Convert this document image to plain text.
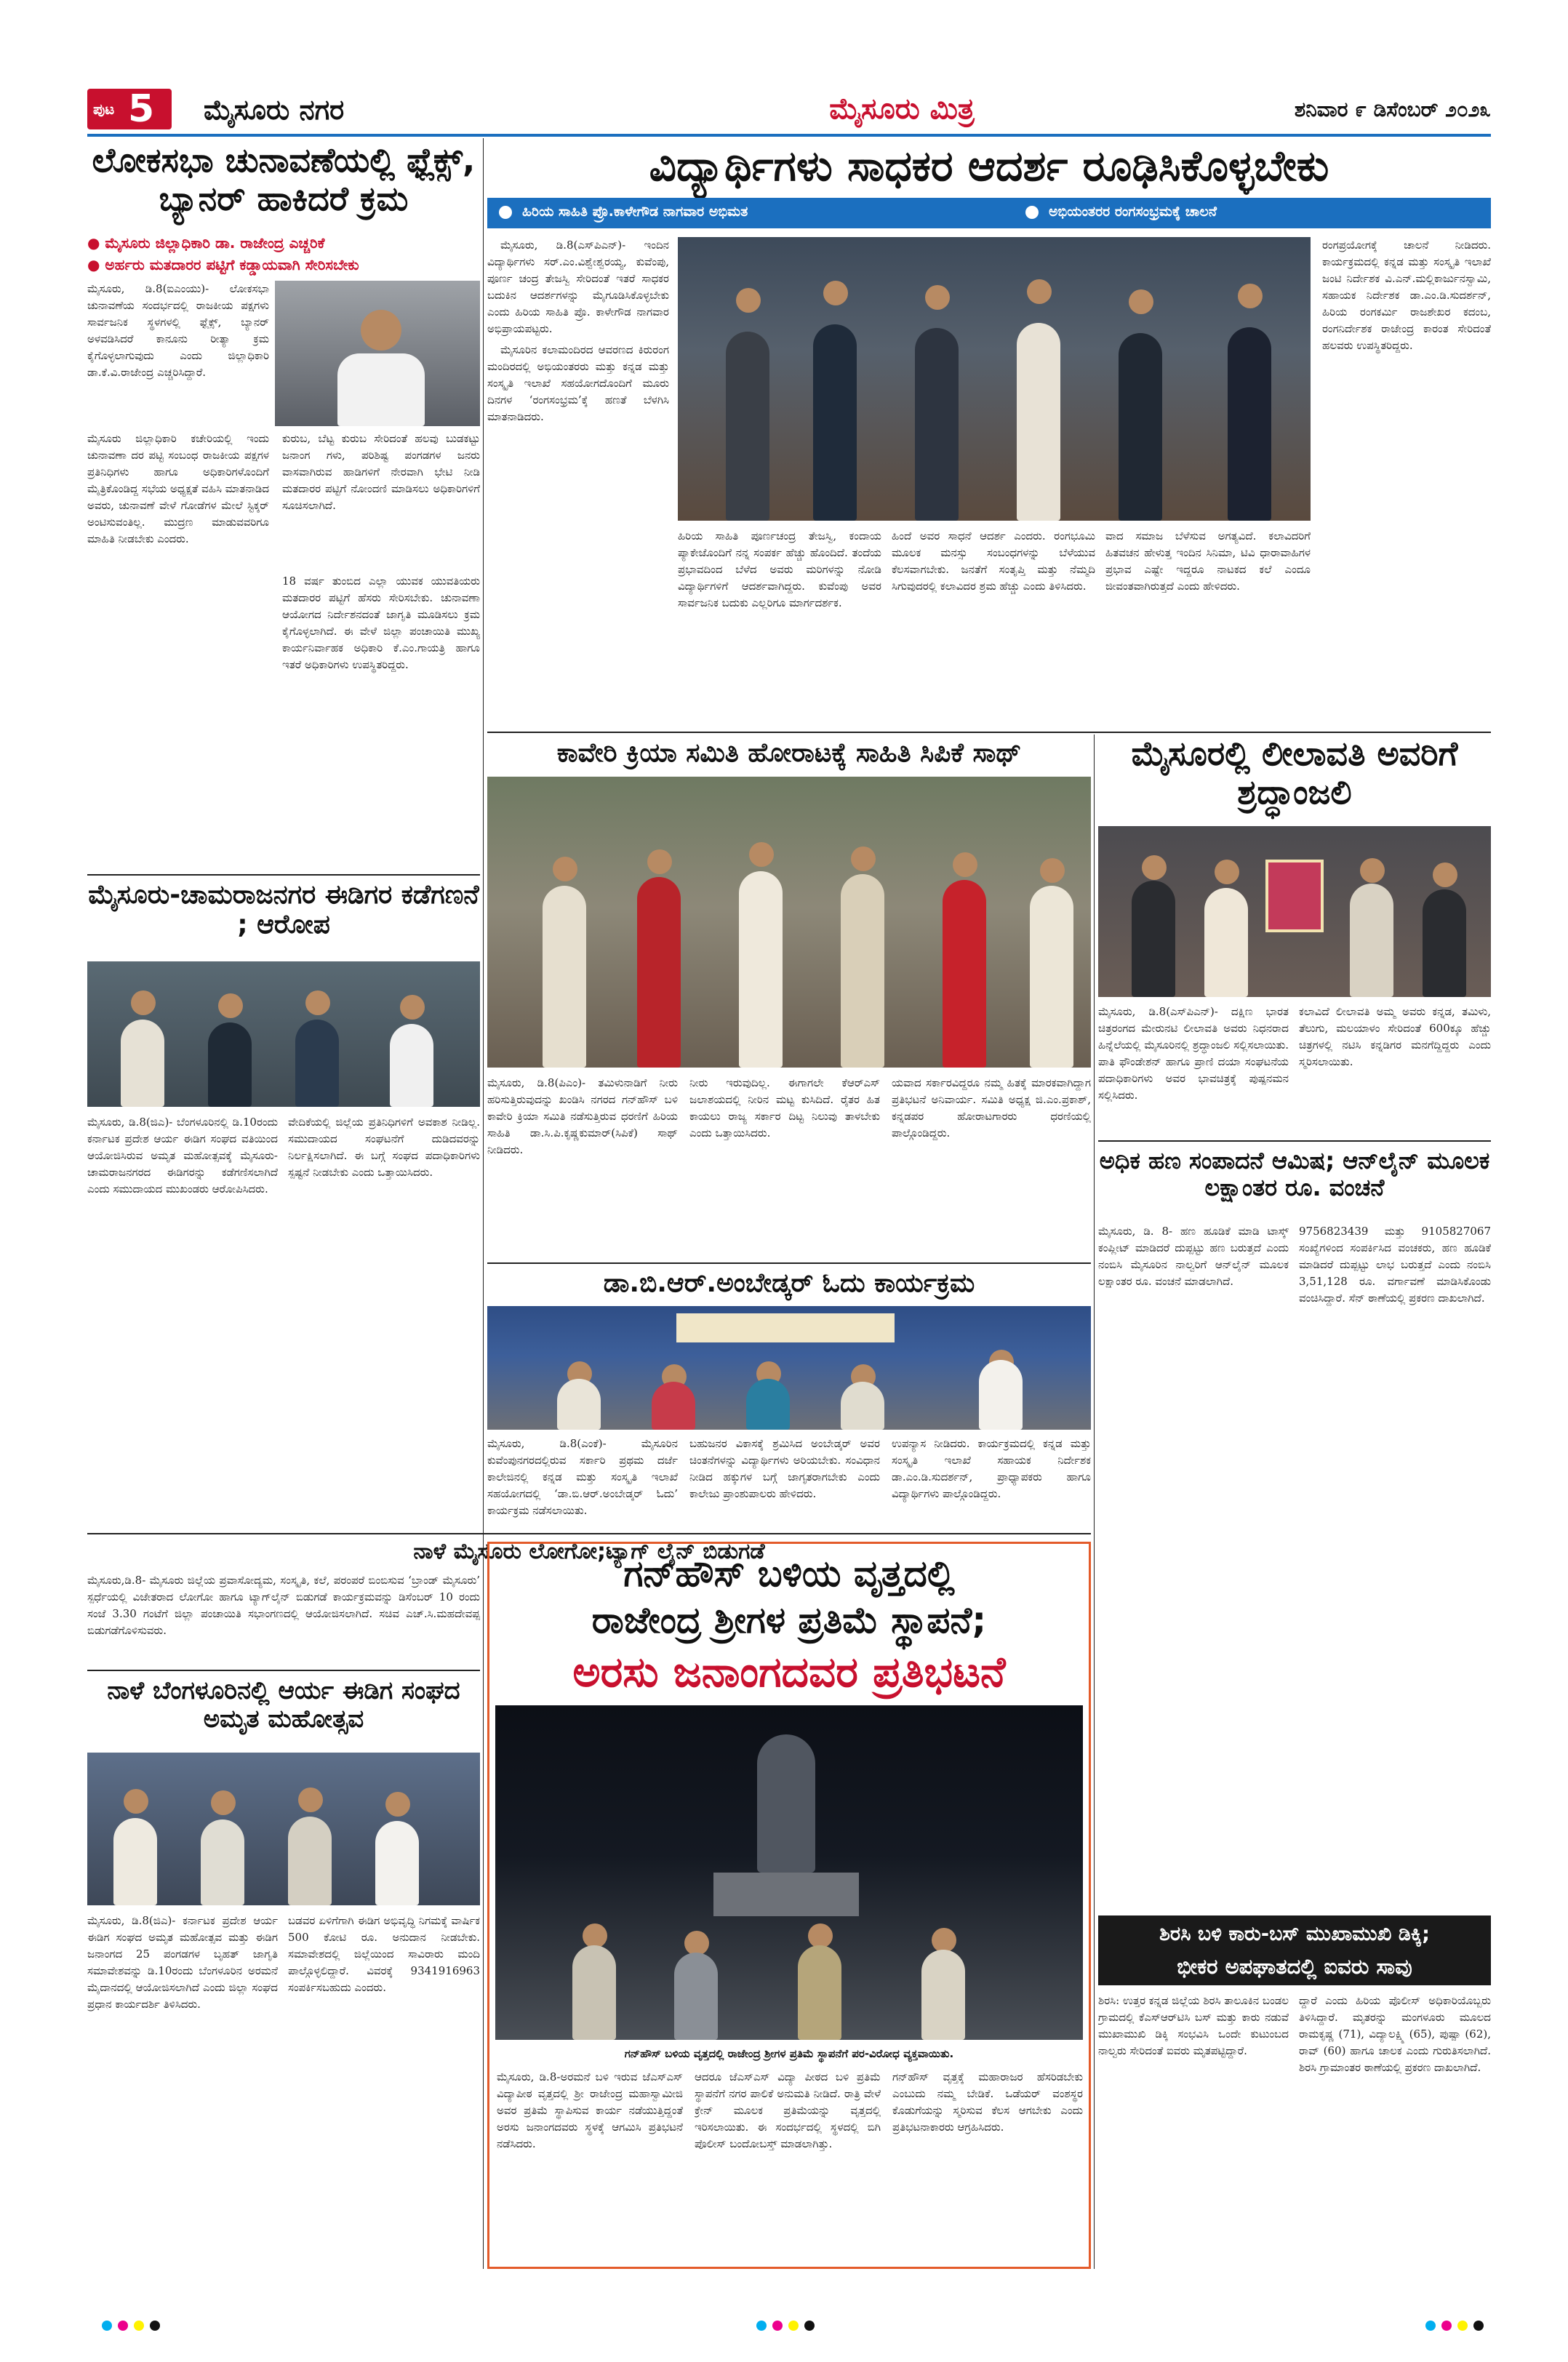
ಪುಟ 5 ಮೈಸೂರು ನಗರ	ಮೈಸೂರು ಮಿತ್ರ	ಶನಿವಾರ ೯ ಡಿಸೆಂಬರ್ ೨೦೨೩
ಲೋಕಸಭಾ ಚುನಾವಣೆಯಲ್ಲಿ ಫ್ಲೆಕ್ಸ್, ಬ್ಯಾನರ್ ಹಾಕಿದರೆ ಕ್ರಮ
● ಮೈಸೂರು ಜಿಲ್ಲಾಧಿಕಾರಿ ಡಾ. ರಾಜೇಂದ್ರ ಎಚ್ಚರಿಕೆ
● ಅರ್ಹರು ಮತದಾರರ ಪಟ್ಟಿಗೆ ಕಡ್ಡಾಯವಾಗಿ ಸೇರಿಸಬೇಕು
ಮೈಸೂರು, ಡಿ.8(ಐಎಂಯು)- ಲೋಕಸಭಾ ಚುನಾವಣೆಯ ಸಂದರ್ಭದಲ್ಲಿ ರಾಜಕೀಯ ಪಕ್ಷಗಳು ಸಾರ್ವಜನಿಕ ಸ್ಥಳಗಳಲ್ಲಿ ಫ್ಲೆಕ್ಸ್, ಬ್ಯಾನರ್ ಅಳವಡಿಸಿದರೆ ಕಾನೂನು ರೀತ್ಯಾ ಕ್ರಮ ಕೈಗೊಳ್ಳಲಾಗುವುದು ಎಂದು ಜಿಲ್ಲಾಧಿಕಾರಿ ಡಾ.ಕೆ.ವಿ.ರಾಜೇಂದ್ರ ಎಚ್ಚರಿಸಿದ್ದಾರೆ.
ಮೈಸೂರು ಜಿಲ್ಲಾಧಿಕಾರಿ ಕಚೇರಿಯಲ್ಲಿ ಇಂದು ಚುನಾವಣಾ ದರ ಪಟ್ಟಿ ಸಂಬಂಧ ರಾಜಕೀಯ ಪಕ್ಷಗಳ ಪ್ರತಿನಿಧಿಗಳು ಹಾಗೂ ಅಧಿಕಾರಿಗಳೊಂದಿಗೆ ಮೈತ್ರಿಕೊಂಡಿದ್ದ ಸಭೆಯ ಅಧ್ಯಕ್ಷತೆ ವಹಿಸಿ ಮಾತನಾಡಿದ ಅವರು, ಚುನಾವಣೆ ವೇಳೆ ಗೋಡೆಗಳ ಮೇಲೆ ಸ್ಟಿಕ್ಕರ್ ಅಂಟಿಸುವಂತಿಲ್ಲ. ಮುದ್ರಣ ಮಾಡುವವರಿಗೂ ಮಾಹಿತಿ ನೀಡಬೇಕು ಎಂದರು.
ಕುರುಬ, ಬೆಟ್ಟ ಕುರುಬ ಸೇರಿದಂತೆ ಹಲವು ಬುಡಕಟ್ಟು ಜನಾಂಗ ಗಳು, ಪರಿಶಿಷ್ಟ ಪಂಗಡಗಳ ಜನರು ವಾಸವಾಗಿರುವ ಹಾಡಿಗಳಿಗೆ ನೇರವಾಗಿ ಭೇಟಿ ನೀಡಿ ಮತದಾರರ ಪಟ್ಟಿಗೆ ನೋಂದಣಿ ಮಾಡಿಸಲು ಅಧಿಕಾರಿಗಳಿಗೆ ಸೂಚಿಸಲಾಗಿದೆ.
18 ವರ್ಷ ತುಂಬಿದ ಎಲ್ಲಾ ಯುವಕ ಯುವತಿಯರು ಮತದಾರರ ಪಟ್ಟಿಗೆ ಹೆಸರು ಸೇರಿಸಬೇಕು. ಚುನಾವಣಾ ಆಯೋಗದ ನಿರ್ದೇಶನದಂತೆ ಜಾಗೃತಿ ಮೂಡಿಸಲು ಕ್ರಮ ಕೈಗೊಳ್ಳಲಾಗಿದೆ. ಈ ವೇಳೆ ಜಿಲ್ಲಾ ಪಂಚಾಯಿತಿ ಮುಖ್ಯ ಕಾರ್ಯನಿರ್ವಾಹಕ ಅಧಿಕಾರಿ ಕೆ.ಎಂ.ಗಾಯತ್ರಿ ಹಾಗೂ ಇತರೆ ಅಧಿಕಾರಿಗಳು ಉಪಸ್ಥಿತರಿದ್ದರು.
ವಿದ್ಯಾರ್ಥಿಗಳು ಸಾಧಕರ ಆದರ್ಶ ರೂಢಿಸಿಕೊಳ್ಳಬೇಕು
ಹಿರಿಯ ಸಾಹಿತಿ ಪ್ರೊ.ಕಾಳೇಗೌಡ ನಾಗವಾರ ಅಭಿಮತ	ಅಭಿಯಂತರರ ರಂಗಸಂಭ್ರಮಕ್ಕೆ ಚಾಲನೆ

ಮೈಸೂರು, ಡಿ.8(ಎಸ್‌ಪಿಎನ್)- ಇಂದಿನ ವಿದ್ಯಾರ್ಥಿಗಳು ಸರ್.ಎಂ.ವಿಶ್ವೇಶ್ವರಯ್ಯ, ಕುವೆಂಪು, ಪೂರ್ಣ ಚಂದ್ರ ತೇಜಸ್ವಿ ಸೇರಿದಂತೆ ಇತರೆ ಸಾಧಕರ ಬದುಕಿನ ಆದರ್ಶಗಳನ್ನು ಮೈಗೂಡಿಸಿಕೊಳ್ಳಬೇಕು ಎಂದು ಹಿರಿಯ ಸಾಹಿತಿ ಪ್ರೊ. ಕಾಳೇಗೌಡ ನಾಗವಾರ ಅಭಿಪ್ರಾಯಪಟ್ಟರು.

ಮೈಸೂರಿನ ಕಲಾಮಂದಿರದ ಆವರಣದ ಕಿರುರಂಗ ಮಂದಿರದಲ್ಲಿ ಅಭಿಯಂತರರು ಮತ್ತು ಕನ್ನಡ ಮತ್ತು ಸಂಸ್ಕೃತಿ ಇಲಾಖೆ ಸಹಯೋಗದೊಂದಿಗೆ ಮೂರು ದಿನಗಳ ‘ರಂಗಸಂಭ್ರಮ’ಕ್ಕೆ ಹಣತೆ ಬೆಳಗಿಸಿ ಮಾತನಾಡಿದರು.

ಹಿರಿಯ ಸಾಹಿತಿ ಪೂರ್ಣಚಂದ್ರ ತೇಜಸ್ವಿ, ಕಂದಾಯ ಪ್ಯಾಕೇಜೊಂದಿಗೆ ನನ್ನ ಸಂಪರ್ಕ ಹೆಚ್ಚು ಹೊಂದಿದೆ. ತಂದೆಯ ಪ್ರಭಾವದಿಂದ ಬೆಳೆದ ಅವರು ಮರಿಗಳನ್ನು ನೋಡಿ ವಿದ್ಯಾರ್ಥಿಗಳಿಗೆ ಆದರ್ಶವಾಗಿದ್ದರು. ಕುವೆಂಪು ಅವರ ಸಾರ್ವಜನಿಕ ಬದುಕು ಎಲ್ಲರಿಗೂ ಮಾರ್ಗದರ್ಶಕ.
ಹಿಂದೆ ಅವರ ಸಾಧನೆ ಆದರ್ಶ ಎಂದರು. ರಂಗಭೂಮಿ ಮೂಲಕ ಮನಸ್ಸು ಸಂಬಂಧಗಳನ್ನು ಬೆಳೆಯುವ ಕೆಲಸವಾಗಬೇಕು. ಜನತೆಗೆ ಸಂತೃಪ್ತಿ ಮತ್ತು ನೆಮ್ಮದಿ ಸಿಗುವುದರಲ್ಲಿ ಕಲಾವಿದರ ಶ್ರಮ ಹೆಚ್ಚು ಎಂದು ತಿಳಿಸಿದರು.
ವಾದ ಸಮಾಜ ಬೆಳೆಸುವ ಅಗತ್ಯವಿದೆ. ಕಲಾವಿದರಿಗೆ ಹಿತವಚನ ಹೇಳುತ್ತ ಇಂದಿನ ಸಿನಿಮಾ, ಟಿವಿ ಧಾರಾವಾಹಿಗಳ ಪ್ರಭಾವ ಎಷ್ಟೇ ಇದ್ದರೂ ನಾಟಕದ ಕಲೆ ಎಂದೂ ಜೀವಂತವಾಗಿರುತ್ತದೆ ಎಂದು ಹೇಳಿದರು.
ರಂಗಪ್ರಯೋಗಕ್ಕೆ ಚಾಲನೆ ನೀಡಿದರು. ಕಾರ್ಯಕ್ರಮದಲ್ಲಿ ಕನ್ನಡ ಮತ್ತು ಸಂಸ್ಕೃತಿ ಇಲಾಖೆ ಜಂಟಿ ನಿರ್ದೇಶಕ ವಿ.ಎನ್.ಮಲ್ಲಿಕಾರ್ಜುನಸ್ವಾಮಿ, ಸಹಾಯಕ ನಿರ್ದೇಶಕ ಡಾ.ಎಂ.ಡಿ.ಸುದರ್ಶನ್, ಹಿರಿಯ ರಂಗಕರ್ಮಿ ರಾಜಶೇಖರ ಕದಂಬ, ರಂಗನಿರ್ದೇಶಕ ರಾಜೇಂದ್ರ ಕಾರಂತ ಸೇರಿದಂತೆ ಹಲವರು ಉಪಸ್ಥಿತರಿದ್ದರು.
ಕಾವೇರಿ ಕ್ರಿಯಾ ಸಮಿತಿ ಹೋರಾಟಕ್ಕೆ ಸಾಹಿತಿ ಸಿಪಿಕೆ ಸಾಥ್
ಮೈಸೂರು, ಡಿ.8(ಪಿಎಂ)- ತಮಿಳುನಾಡಿಗೆ ನೀರು ಹರಿಸುತ್ತಿರುವುದನ್ನು ಖಂಡಿಸಿ ನಗರದ ಗನ್‌ಹೌಸ್ ಬಳಿ ಕಾವೇರಿ ಕ್ರಿಯಾ ಸಮಿತಿ ನಡೆಸುತ್ತಿರುವ ಧರಣಿಗೆ ಹಿರಿಯ ಸಾಹಿತಿ ಡಾ.ಸಿ.ಪಿ.ಕೃಷ್ಣಕುಮಾರ್(ಸಿಪಿಕೆ) ಸಾಥ್ ನೀಡಿದರು.
ನೀರು ಇರುವುದಿಲ್ಲ. ಈಗಾಗಲೇ ಕೆಆರ್‌ಎಸ್ ಜಲಾಶಯದಲ್ಲಿ ನೀರಿನ ಮಟ್ಟ ಕುಸಿದಿದೆ. ರೈತರ ಹಿತ ಕಾಯಲು ರಾಜ್ಯ ಸರ್ಕಾರ ದಿಟ್ಟ ನಿಲುವು ತಾಳಬೇಕು ಎಂದು ಒತ್ತಾಯಿಸಿದರು.
ಯವಾದ ಸರ್ಕಾರವಿದ್ದರೂ ನಮ್ಮ ಹಿತಕ್ಕೆ ಮಾರಕವಾಗಿದ್ದಾಗ ಪ್ರತಿಭಟನೆ ಅನಿವಾರ್ಯ. ಸಮಿತಿ ಅಧ್ಯಕ್ಷ ಜಿ.ಎಂ.ಪ್ರಕಾಶ್, ಕನ್ನಡಪರ ಹೋರಾಟಗಾರರು ಧರಣಿಯಲ್ಲಿ ಪಾಲ್ಗೊಂಡಿದ್ದರು.
ಮೈಸೂರಲ್ಲಿ ಲೀಲಾವತಿ ಅವರಿಗೆ ಶ್ರದ್ಧಾಂಜಲಿ
ಮೈಸೂರು, ಡಿ.8(ಎಸ್‌ಪಿಎನ್)- ದಕ್ಷಿಣ ಭಾರತ ಚಿತ್ರರಂಗದ ಮೇರುನಟಿ ಲೀಲಾವತಿ ಅವರು ನಿಧನರಾದ ಹಿನ್ನೆಲೆಯಲ್ಲಿ ಮೈಸೂರಿನಲ್ಲಿ ಶ್ರದ್ಧಾಂಜಲಿ ಸಲ್ಲಿಸಲಾಯಿತು. ಪಾತಿ ಫೌಂಡೇಶನ್ ಹಾಗೂ ಪ್ರಾಣಿ ದಯಾ ಸಂಘಟನೆಯ ಪದಾಧಿಕಾರಿಗಳು ಅವರ ಭಾವಚಿತ್ರಕ್ಕೆ ಪುಷ್ಪನಮನ ಸಲ್ಲಿಸಿದರು.
ಕಲಾವಿದೆ ಲೀಲಾವತಿ ಅಮ್ಮ ಅವರು ಕನ್ನಡ, ತಮಿಳು, ತೆಲುಗು, ಮಲಯಾಳಂ ಸೇರಿದಂತೆ 600ಕ್ಕೂ ಹೆಚ್ಚು ಚಿತ್ರಗಳಲ್ಲಿ ನಟಿಸಿ ಕನ್ನಡಿಗರ ಮನಗೆದ್ದಿದ್ದರು ಎಂದು ಸ್ಮರಿಸಲಾಯಿತು.
ಡಾ.ಬಿ.ಆರ್.ಅಂಬೇಡ್ಕರ್ ಓದು ಕಾರ್ಯಕ್ರಮ
ಮೈಸೂರು, ಡಿ.8(ಎಂಕೆ)- ಮೈಸೂರಿನ ಕುವೆಂಪುನಗರದಲ್ಲಿರುವ ಸರ್ಕಾರಿ ಪ್ರಥಮ ದರ್ಜೆ ಕಾಲೇಜಿನಲ್ಲಿ ಕನ್ನಡ ಮತ್ತು ಸಂಸ್ಕೃತಿ ಇಲಾಖೆ ಸಹಯೋಗದಲ್ಲಿ ‘ಡಾ.ಬಿ.ಆರ್.ಅಂಬೇಡ್ಕರ್ ಓದು’ ಕಾರ್ಯಕ್ರಮ ನಡೆಸಲಾಯಿತು.
ಬಹುಜನರ ವಿಕಾಸಕ್ಕೆ ಶ್ರಮಿಸಿದ ಅಂಬೇಡ್ಕರ್ ಅವರ ಚಿಂತನೆಗಳನ್ನು ವಿದ್ಯಾರ್ಥಿಗಳು ಅರಿಯಬೇಕು. ಸಂವಿಧಾನ ನೀಡಿದ ಹಕ್ಕುಗಳ ಬಗ್ಗೆ ಜಾಗೃತರಾಗಬೇಕು ಎಂದು ಕಾಲೇಜು ಪ್ರಾಂಶುಪಾಲರು ಹೇಳಿದರು.
ಉಪನ್ಯಾಸ ನೀಡಿದರು. ಕಾರ್ಯಕ್ರಮದಲ್ಲಿ ಕನ್ನಡ ಮತ್ತು ಸಂಸ್ಕೃತಿ ಇಲಾಖೆ ಸಹಾಯಕ ನಿರ್ದೇಶಕ ಡಾ.ಎಂ.ಡಿ.ಸುದರ್ಶನ್, ಪ್ರಾಧ್ಯಾಪಕರು ಹಾಗೂ ವಿದ್ಯಾರ್ಥಿಗಳು ಪಾಲ್ಗೊಂಡಿದ್ದರು.
ಮೈಸೂರು-ಚಾಮರಾಜನಗರ ಈಡಿಗರ ಕಡೆಗಣನೆ ; ಆರೋಪ
ಮೈಸೂರು, ಡಿ.8(ಜಿಎ)- ಬೆಂಗಳೂರಿನಲ್ಲಿ ಡಿ.10ರಂದು ಕರ್ನಾಟಕ ಪ್ರದೇಶ ಆರ್ಯ ಈಡಿಗ ಸಂಘದ ವತಿಯಿಂದ ಆಯೋಜಿಸಿರುವ ಅಮೃತ ಮಹೋತ್ಸವಕ್ಕೆ ಮೈಸೂರು-ಚಾಮರಾಜನಗರದ ಈಡಿಗರನ್ನು ಕಡೆಗಣಿಸಲಾಗಿದೆ ಎಂದು ಸಮುದಾಯದ ಮುಖಂಡರು ಆರೋಪಿಸಿದರು.
ವೇದಿಕೆಯಲ್ಲಿ ಜಿಲ್ಲೆಯ ಪ್ರತಿನಿಧಿಗಳಿಗೆ ಅವಕಾಶ ನೀಡಿಲ್ಲ. ಸಮುದಾಯದ ಸಂಘಟನೆಗೆ ದುಡಿದವರನ್ನು ನಿರ್ಲಕ್ಷಿಸಲಾಗಿದೆ. ಈ ಬಗ್ಗೆ ಸಂಘದ ಪದಾಧಿಕಾರಿಗಳು ಸ್ಪಷ್ಟನೆ ನೀಡಬೇಕು ಎಂದು ಒತ್ತಾಯಿಸಿದರು.
ನಾಳೆ ಮೈಸೂರು ಲೋಗೋ;ಟ್ಯಾಗ್ ಲೈನ್ ಬಿಡುಗಡೆ
ಮೈಸೂರು,ಡಿ.8- ಮೈಸೂರು ಜಿಲ್ಲೆಯ ಪ್ರವಾಸೋದ್ಯಮ, ಸಂಸ್ಕೃತಿ, ಕಲೆ, ಪರಂಪರೆ ಬಿಂಬಿಸುವ ‘ಬ್ರಾಂಡ್ ಮೈಸೂರು’ ಸ್ಪರ್ಧೆಯಲ್ಲಿ ವಿಜೇತರಾದ ಲೋಗೋ ಹಾಗೂ ಟ್ಯಾಗ್‌ಲೈನ್ ಬಿಡುಗಡೆ ಕಾರ್ಯಕ್ರಮವನ್ನು ಡಿಸೆಂಬರ್ 10 ರಂದು ಸಂಜೆ 3.30 ಗಂಟೆಗೆ ಜಿಲ್ಲಾ ಪಂಚಾಯಿತಿ ಸಭಾಂಗಣದಲ್ಲಿ ಆಯೋಜಿಸಲಾಗಿದೆ. ಸಚಿವ ಎಚ್.ಸಿ.ಮಹದೇವಪ್ಪ ಬಿಡುಗಡೆಗೊಳಿಸುವರು.
ನಾಳೆ ಬೆಂಗಳೂರಿನಲ್ಲಿ ಆರ್ಯ ಈಡಿಗ ಸಂಘದ ಅಮೃತ ಮಹೋತ್ಸವ
ಮೈಸೂರು, ಡಿ.8(ಜಿಎ)- ಕರ್ನಾಟಕ ಪ್ರದೇಶ ಆರ್ಯ ಈಡಿಗ ಸಂಘದ ಅಮೃತ ಮಹೋತ್ಸವ ಮತ್ತು ಈಡಿಗ ಜನಾಂಗದ 25 ಪಂಗಡಗಳ ಬೃಹತ್ ಜಾಗೃತಿ ಸಮಾವೇಶವನ್ನು ಡಿ.10ರಂದು ಬೆಂಗಳೂರಿನ ಅರಮನೆ ಮೈದಾನದಲ್ಲಿ ಆಯೋಜಿಸಲಾಗಿದೆ ಎಂದು ಜಿಲ್ಲಾ ಸಂಘದ ಪ್ರಧಾನ ಕಾರ್ಯದರ್ಶಿ ತಿಳಿಸಿದರು.
ಬಡವರ ಏಳಿಗೆಗಾಗಿ ಈಡಿಗ ಅಭಿವೃದ್ಧಿ ನಿಗಮಕ್ಕೆ ವಾರ್ಷಿಕ 500 ಕೋಟಿ ರೂ. ಅನುದಾನ ನೀಡಬೇಕು. ಸಮಾವೇಶದಲ್ಲಿ ಜಿಲ್ಲೆಯಿಂದ ಸಾವಿರಾರು ಮಂದಿ ಪಾಲ್ಗೊಳ್ಳಲಿದ್ದಾರೆ. ವಿವರಕ್ಕೆ 9341916963 ಸಂಪರ್ಕಿಸಬಹುದು ಎಂದರು.
ಗನ್‌ಹೌಸ್ ಬಳಿಯ ವೃತ್ತದಲ್ಲಿ
ರಾಜೇಂದ್ರ ಶ್ರೀಗಳ ಪ್ರತಿಮೆ ಸ್ಥಾಪನೆ;
ಅರಸು ಜನಾಂಗದವರ ಪ್ರತಿಭಟನೆ
ಗನ್‌ಹೌಸ್ ಬಳಿಯ ವೃತ್ತದಲ್ಲಿ ರಾಜೇಂದ್ರ ಶ್ರೀಗಳ ಪ್ರತಿಮೆ ಸ್ಥಾಪನೆಗೆ ಪರ-ವಿರೋಧ ವ್ಯಕ್ತವಾಯಿತು.
ಮೈಸೂರು, ಡಿ.8-ಅರಮನೆ ಬಳಿ ಇರುವ ಜೆಎಸ್‌ಎಸ್ ವಿದ್ಯಾಪೀಠ ವೃತ್ತದಲ್ಲಿ ಶ್ರೀ ರಾಜೇಂದ್ರ ಮಹಾಸ್ವಾಮೀಜಿ ಅವರ ಪ್ರತಿಮೆ ಸ್ಥಾಪಿಸುವ ಕಾರ್ಯ ನಡೆಯುತ್ತಿದ್ದಂತೆ ಅರಸು ಜನಾಂಗದವರು ಸ್ಥಳಕ್ಕೆ ಆಗಮಿಸಿ ಪ್ರತಿಭಟನೆ ನಡೆಸಿದರು.
ಆದರೂ ಜೆಎಸ್‌ಎಸ್ ವಿದ್ಯಾ ಪೀಠದ ಬಳಿ ಪ್ರತಿಮೆ ಸ್ಥಾಪನೆಗೆ ನಗರ ಪಾಲಿಕೆ ಅನುಮತಿ ನೀಡಿದೆ. ರಾತ್ರಿ ವೇಳೆ ಕ್ರೇನ್ ಮೂಲಕ ಪ್ರತಿಮೆಯನ್ನು ವೃತ್ತದಲ್ಲಿ ಇರಿಸಲಾಯಿತು. ಈ ಸಂದರ್ಭದಲ್ಲಿ ಸ್ಥಳದಲ್ಲಿ ಬಿಗಿ ಪೊಲೀಸ್ ಬಂದೋಬಸ್ತ್ ಮಾಡಲಾಗಿತ್ತು.
ಗನ್‌ಹೌಸ್ ವೃತ್ತಕ್ಕೆ ಮಹಾರಾಜರ ಹೆಸರಿಡಬೇಕು ಎಂಬುದು ನಮ್ಮ ಬೇಡಿಕೆ. ಒಡೆಯರ್ ವಂಶಸ್ಥರ ಕೊಡುಗೆಯನ್ನು ಸ್ಮರಿಸುವ ಕೆಲಸ ಆಗಬೇಕು ಎಂದು ಪ್ರತಿಭಟನಾಕಾರರು ಆಗ್ರಹಿಸಿದರು.
ಅಧಿಕ ಹಣ ಸಂಪಾದನೆ ಆಮಿಷ; ಆನ್‌ಲೈನ್ ಮೂಲಕ ಲಕ್ಷಾಂತರ ರೂ. ವಂಚನೆ
ಮೈಸೂರು, ಡಿ. 8- ಹಣ ಹೂಡಿಕೆ ಮಾಡಿ ಟಾಸ್ಕ್ ಕಂಪ್ಲೀಟ್ ಮಾಡಿದರೆ ದುಪ್ಪಟ್ಟು ಹಣ ಬರುತ್ತದೆ ಎಂದು ನಂಬಿಸಿ ಮೈಸೂರಿನ ನಾಲ್ವರಿಗೆ ಆನ್‌ಲೈನ್ ಮೂಲಕ ಲಕ್ಷಾಂತರ ರೂ. ವಂಚನೆ ಮಾಡಲಾಗಿದೆ.
9756823439 ಮತ್ತು 9105827067 ಸಂಖ್ಯೆಗಳಿಂದ ಸಂಪರ್ಕಿಸಿದ ವಂಚಕರು, ಹಣ ಹೂಡಿಕೆ ಮಾಡಿದರೆ ದುಪ್ಪಟ್ಟು ಲಾಭ ಬರುತ್ತದೆ ಎಂದು ನಂಬಿಸಿ 3,51,128 ರೂ. ವರ್ಗಾವಣೆ ಮಾಡಿಸಿಕೊಂಡು ವಂಚಿಸಿದ್ದಾರೆ. ಸೆನ್ ಠಾಣೆಯಲ್ಲಿ ಪ್ರಕರಣ ದಾಖಲಾಗಿದೆ.
ಶಿರಸಿ ಬಳಿ ಕಾರು-ಬಸ್ ಮುಖಾಮುಖಿ ಡಿಕ್ಕಿ;
ಭೀಕರ ಅಪಘಾತದಲ್ಲಿ ಐವರು ಸಾವು
ಶಿರಸಿ: ಉತ್ತರ ಕನ್ನಡ ಜಿಲ್ಲೆಯ ಶಿರಸಿ ತಾಲೂಕಿನ ಬಂಡಲ ಗ್ರಾಮದಲ್ಲಿ ಕೆಎಸ್‌ಆರ್‌ಟಿಸಿ ಬಸ್ ಮತ್ತು ಕಾರು ನಡುವೆ ಮುಖಾಮುಖಿ ಡಿಕ್ಕಿ ಸಂಭವಿಸಿ ಒಂದೇ ಕುಟುಂಬದ ನಾಲ್ವರು ಸೇರಿದಂತೆ ಐವರು ಮೃತಪಟ್ಟಿದ್ದಾರೆ.
ದ್ದಾರೆ ಎಂದು ಹಿರಿಯ ಪೊಲೀಸ್ ಅಧಿಕಾರಿಯೊಬ್ಬರು ತಿಳಿಸಿದ್ದಾರೆ. ಮೃತರನ್ನು ಮಂಗಳೂರು ಮೂಲದ ರಾಮಕೃಷ್ಣ (71), ವಿದ್ಯಾಲಕ್ಷ್ಮಿ (65), ಪುಷ್ಪಾ (62), ರಾವ್ (60) ಹಾಗೂ ಚಾಲಕ ಎಂದು ಗುರುತಿಸಲಾಗಿದೆ. ಶಿರಸಿ ಗ್ರಾಮಾಂತರ ಠಾಣೆಯಲ್ಲಿ ಪ್ರಕರಣ ದಾಖಲಾಗಿದೆ.
